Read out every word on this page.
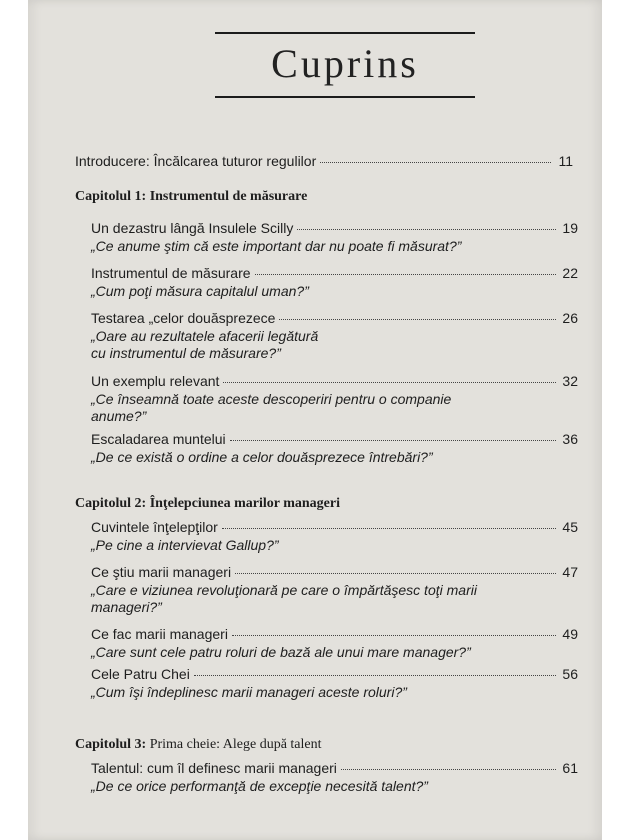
Cuprins
Introducere: Încălcarea tuturor regulilor	11
Capitolul 1: Instrumentul de măsurare
Un dezastru lângă Insulele Scilly	19
„Ce anume ştim că este important dar nu poate fi măsurat?”
Instrumentul de măsurare	22
„Cum poţi măsura capitalul uman?”
Testarea „celor douăsprezece	26
„Oare au rezultatele afacerii legătură
cu instrumentul de măsurare?”
Un exemplu relevant	32
„Ce înseamnă toate aceste descoperiri pentru o companie
anume?”
Escaladarea muntelui	36
„De ce există o ordine a celor douăsprezece întrebări?”
Capitolul 2: Înţelepciunea marilor manageri
Cuvintele înţelepţilor	45
„Pe cine a intervievat Gallup?”
Ce ştiu marii manageri	47
„Care e viziunea revoluţionară pe care o împărtăşesc toţi marii
manageri?”
Ce fac marii manageri	49
„Care sunt cele patru roluri de bază ale unui mare manager?”
Cele Patru Chei	56
„Cum îşi îndeplinesc marii manageri aceste roluri?”
Capitolul 3: Prima cheie: Alege după talent
Talentul: cum îl definesc marii manageri	61
„De ce orice performanţă de excepţie necesită talent?”
